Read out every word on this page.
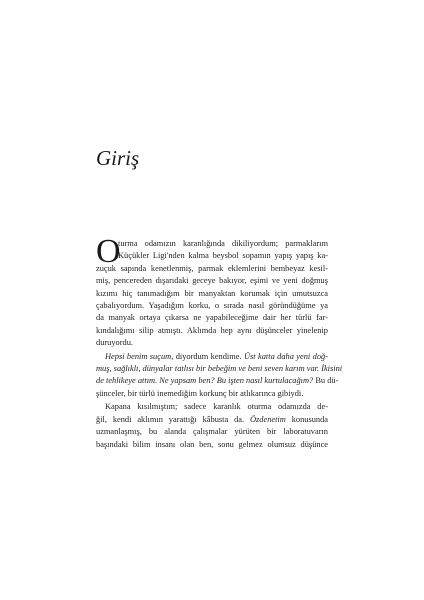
Giriş
O
turma odamızın karanlığında dikiliyordum; parmaklarım
Küçükler Ligi'nden kalma beysbol sopamın yapış yapış ka-
zuçuk sapında kenetlenmiş, parmak eklemlerini bembeyaz kesil-
miş, pencereden dışarıdaki geceye bakıyor, eşimi ve yeni doğmuş
kızımı hiç tanımadığım bir manyaktan korumak için umutsuzca
çabalıyordum. Yaşadığım korku, o sırada nasıl göründüğüme ya
da manyak ortaya çıkarsa ne yapabileceğime dair her türlü far-
kındalığımı silip atmıştı. Aklımda hep aynı düşünceler yinelenip
duruyordu.
Hepsi benim suçum, diyordum kendime. Üst katta daha yeni doğ-
muş, sağlıklı, dünyalar tatlısı bir bebeğim ve beni seven karım var. İkisini
de tehlikeye attım. Ne yapsam ben? Bu işten nasıl kurtulacağım? Bu dü-
şünceler, bir türlü inemediğim korkunç bir atlıkarınca gibiydi.
Kapana kısılmıştım; sadece karanlık oturma odamızda de-
ğil, kendi aklımın yarattığı kâbusta da. Özdenetim konusunda
uzmanlaşmış, bu alanda çalışmalar yürüten bir laboratuvarın
başındaki bilim insanı olan ben, sonu gelmez olumsuz düşünce
